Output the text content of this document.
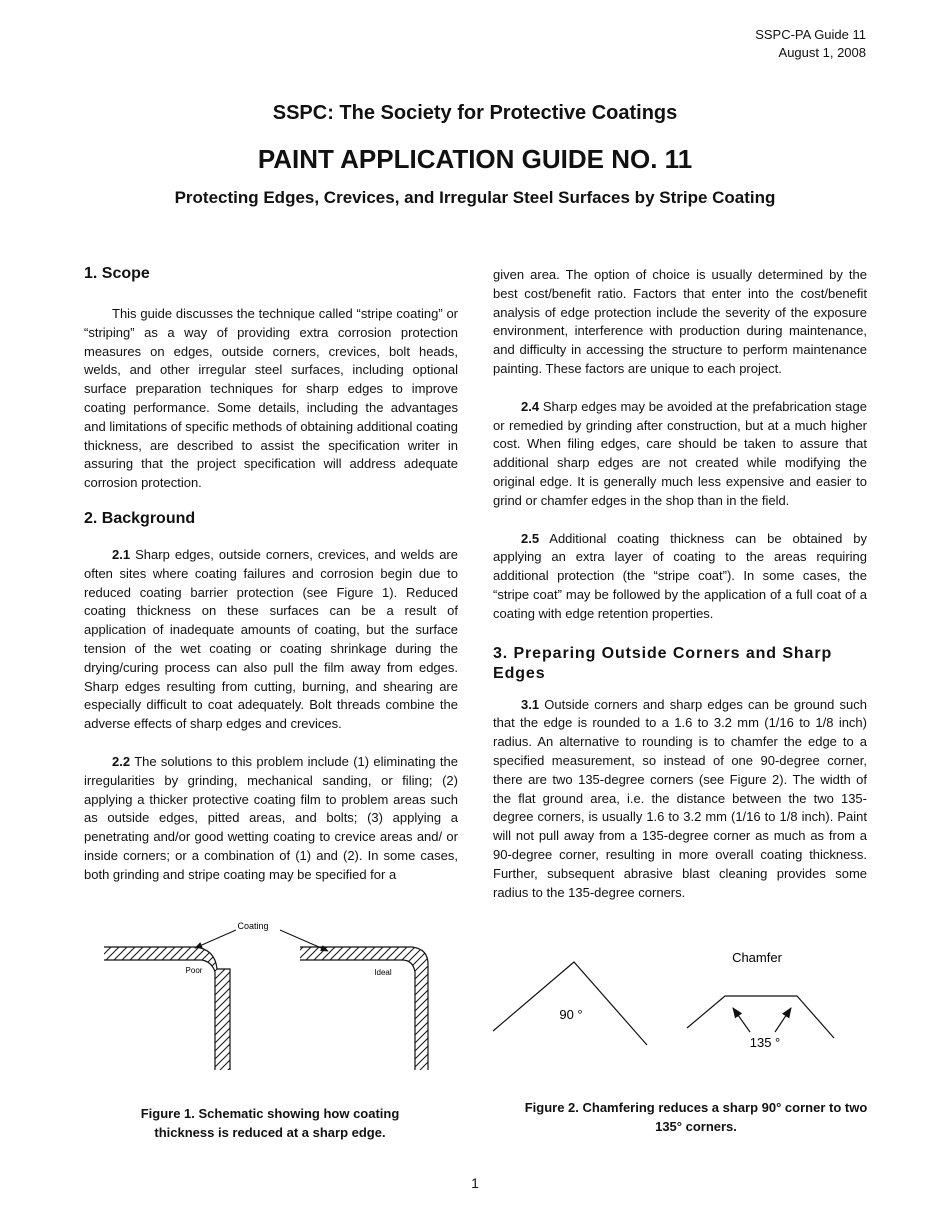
SSPC-PA Guide 11
August 1, 2008
SSPC: The Society for Protective Coatings
PAINT APPLICATION GUIDE NO. 11
Protecting Edges, Crevices, and Irregular Steel Surfaces by Stripe Coating
1. Scope

This guide discusses the technique called “stripe coating” or “striping” as a way of providing extra corrosion protection measures on edges, outside corners, crevices, bolt heads, welds, and other irregular steel surfaces, including optional surface preparation techniques for sharp edges to improve coating performance. Some details, including the advantages and limitations of specific methods of obtaining additional coating thickness, are described to assist the specification writer in assuring that the project specification will address adequate corrosion protection.

2. Background

2.1 Sharp edges, outside corners, crevices, and welds are often sites where coating failures and corrosion begin due to reduced coating barrier protection (see Figure 1). Reduced coating thickness on these surfaces can be a result of application of inadequate amounts of coating, but the surface tension of the wet coating or coating shrinkage during the drying/curing process can also pull the film away from edges. Sharp edges resulting from cutting, burning, and shearing are especially difficult to coat adequately. Bolt threads combine the adverse effects of sharp edges and crevices.

2.2 The solutions to this problem include (1) eliminating the irregularities by grinding, mechanical sanding, or filing; (2) applying a thicker protective coating film to problem areas such as outside edges, pitted areas, and bolts; (3) applying a penetrating and/or good wetting coating to crevice areas and/ or inside corners; or a combination of (1) and (2). In some cases, both grinding and stripe coating may be specified for a

given area. The option of choice is usually determined by the best cost/benefit ratio. Factors that enter into the cost/benefit analysis of edge protection include the severity of the exposure environment, interference with production during maintenance, and difficulty in accessing the structure to perform maintenance painting. These factors are unique to each project.

2.4 Sharp edges may be avoided at the prefabrication stage or remedied by grinding after construction, but at a much higher cost. When filing edges, care should be taken to assure that additional sharp edges are not created while modifying the original edge. It is generally much less expensive and easier to grind or chamfer edges in the shop than in the field.

2.5 Additional coating thickness can be obtained by applying an extra layer of coating to the areas requiring additional protection (the “stripe coat”). In some cases, the “stripe coat” may be followed by the application of a full coat of a coating with edge retention properties.

3. Preparing Outside Corners and Sharp Edges

3.1 Outside corners and sharp edges can be ground such that the edge is rounded to a 1.6 to 3.2 mm (1/16 to 1/8 inch) radius. An alternative to rounding is to chamfer the edge to a specified measurement, so instead of one 90-degree corner, there are two 135-degree corners (see Figure 2). The width of the flat ground area, i.e. the distance between the two 135-degree corners, is usually 1.6 to 3.2 mm (1/16 to 1/8 inch). Paint will not pull away from a 135-degree corner as much as from a 90-degree corner, resulting in more overall coating thickness. Further, subsequent abrasive blast cleaning provides some radius to the 135-degree corners.

Coating
Poor	Ideal
Figure 1. Schematic showing how coating thickness is reduced at a sharp edge.
Chamfer
90 °
135 °
Figure 2. Chamfering reduces a sharp 90° corner to two 135° corners.
1
